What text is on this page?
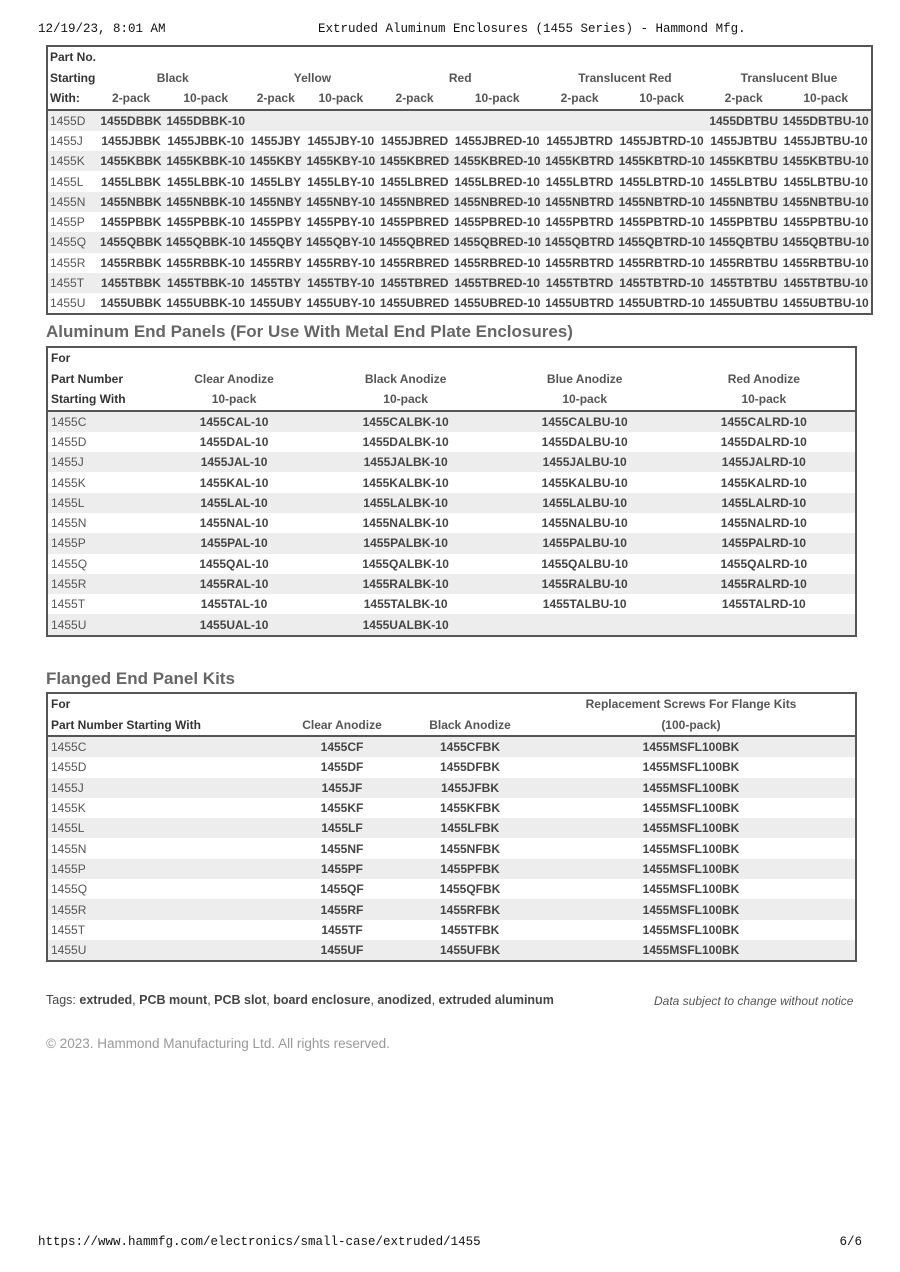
12/19/23, 8:01 AM	Extruded Aluminum Enclosures (1455 Series) - Hammond Mfg.
Part No.										
Starting	Black		Yellow		Red		Translucent Red		Translucent Blue	
With:	2-pack	10-pack	2-pack	10-pack	2-pack	10-pack	2-pack	10-pack	2-pack	10-pack
1455D	1455DBBK	1455DBBK-10							1455DBTBU	1455DBTBU-10
1455J	1455JBBK	1455JBBK-10	1455JBY	1455JBY-10	1455JBRED	1455JBRED-10	1455JBTRD	1455JBTRD-10	1455JBTBU	1455JBTBU-10
1455K	1455KBBK	1455KBBK-10	1455KBY	1455KBY-10	1455KBRED	1455KBRED-10	1455KBTRD	1455KBTRD-10	1455KBTBU	1455KBTBU-10
1455L	1455LBBK	1455LBBK-10	1455LBY	1455LBY-10	1455LBRED	1455LBRED-10	1455LBTRD	1455LBTRD-10	1455LBTBU	1455LBTBU-10
1455N	1455NBBK	1455NBBK-10	1455NBY	1455NBY-10	1455NBRED	1455NBRED-10	1455NBTRD	1455NBTRD-10	1455NBTBU	1455NBTBU-10
1455P	1455PBBK	1455PBBK-10	1455PBY	1455PBY-10	1455PBRED	1455PBRED-10	1455PBTRD	1455PBTRD-10	1455PBTBU	1455PBTBU-10
1455Q	1455QBBK	1455QBBK-10	1455QBY	1455QBY-10	1455QBRED	1455QBRED-10	1455QBTRD	1455QBTRD-10	1455QBTBU	1455QBTBU-10
1455R	1455RBBK	1455RBBK-10	1455RBY	1455RBY-10	1455RBRED	1455RBRED-10	1455RBTRD	1455RBTRD-10	1455RBTBU	1455RBTBU-10
1455T	1455TBBK	1455TBBK-10	1455TBY	1455TBY-10	1455TBRED	1455TBRED-10	1455TBTRD	1455TBTRD-10	1455TBTBU	1455TBTBU-10
1455U	1455UBBK	1455UBBK-10	1455UBY	1455UBY-10	1455UBRED	1455UBRED-10	1455UBTRD	1455UBTRD-10	1455UBTBU	1455UBTBU-10
Aluminum End Panels (For Use With Metal End Plate Enclosures)
For				
Part Number	Clear Anodize	Black Anodize	Blue Anodize	Red Anodize
Starting With	10-pack	10-pack	10-pack	10-pack
1455C	1455CAL-10	1455CALBK-10	1455CALBU-10	1455CALRD-10
1455D	1455DAL-10	1455DALBK-10	1455DALBU-10	1455DALRD-10
1455J	1455JAL-10	1455JALBK-10	1455JALBU-10	1455JALRD-10
1455K	1455KAL-10	1455KALBK-10	1455KALBU-10	1455KALRD-10
1455L	1455LAL-10	1455LALBK-10	1455LALBU-10	1455LALRD-10
1455N	1455NAL-10	1455NALBK-10	1455NALBU-10	1455NALRD-10
1455P	1455PAL-10	1455PALBK-10	1455PALBU-10	1455PALRD-10
1455Q	1455QAL-10	1455QALBK-10	1455QALBU-10	1455QALRD-10
1455R	1455RAL-10	1455RALBK-10	1455RALBU-10	1455RALRD-10
1455T	1455TAL-10	1455TALBK-10	1455TALBU-10	1455TALRD-10
1455U	1455UAL-10	1455UALBK-10		
Flanged End Panel Kits
For			Replacement Screws For Flange Kits
Part Number Starting With	Clear Anodize	Black Anodize	(100-pack)
1455C	1455CF	1455CFBK	1455MSFL100BK
1455D	1455DF	1455DFBK	1455MSFL100BK
1455J	1455JF	1455JFBK	1455MSFL100BK
1455K	1455KF	1455KFBK	1455MSFL100BK
1455L	1455LF	1455LFBK	1455MSFL100BK
1455N	1455NF	1455NFBK	1455MSFL100BK
1455P	1455PF	1455PFBK	1455MSFL100BK
1455Q	1455QF	1455QFBK	1455MSFL100BK
1455R	1455RF	1455RFBK	1455MSFL100BK
1455T	1455TF	1455TFBK	1455MSFL100BK
1455U	1455UF	1455UFBK	1455MSFL100BK
Tags: extruded, PCB mount, PCB slot, board enclosure, anodized, extruded aluminum	Data subject to change without notice
© 2023. Hammond Manufacturing Ltd. All rights reserved.
https://www.hammfg.com/electronics/small-case/extruded/1455	6/6
